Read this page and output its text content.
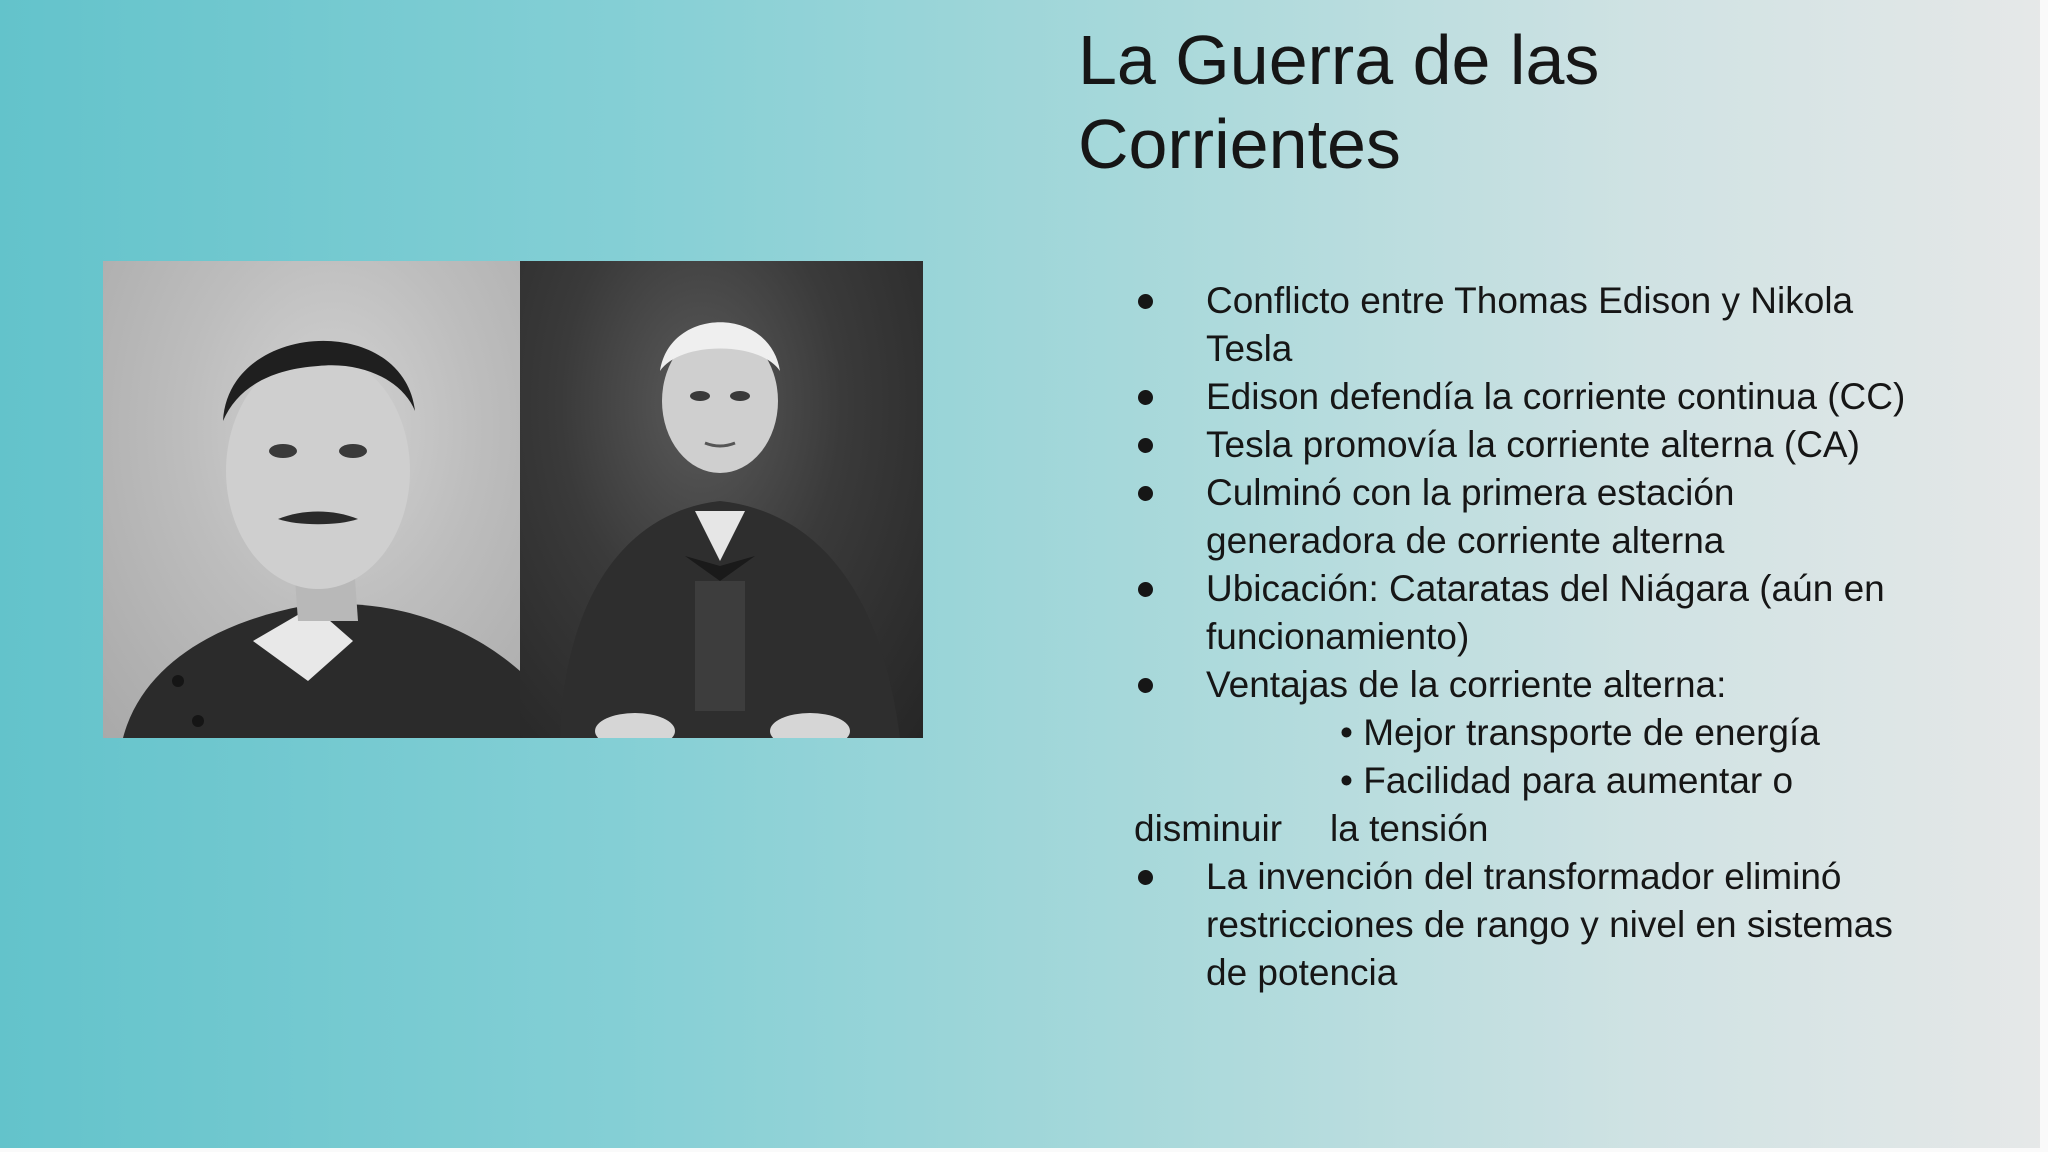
La Guerra de las
Corrientes
Conflicto entre Thomas Edison y Nikola
Tesla
Edison defendía la corriente continua (CC)
Tesla promovía la corriente alterna (CA)
Culminó con la primera estación
generadora de corriente alterna
Ubicación: Cataratas del Niágara (aún en
funcionamiento)
Ventajas de la corriente alterna:
• Mejor transporte de energía
• Facilidad para aumentar o
disminuir la tensión
La invención del transformador eliminó
restricciones de rango y nivel en sistemas
de potencia
